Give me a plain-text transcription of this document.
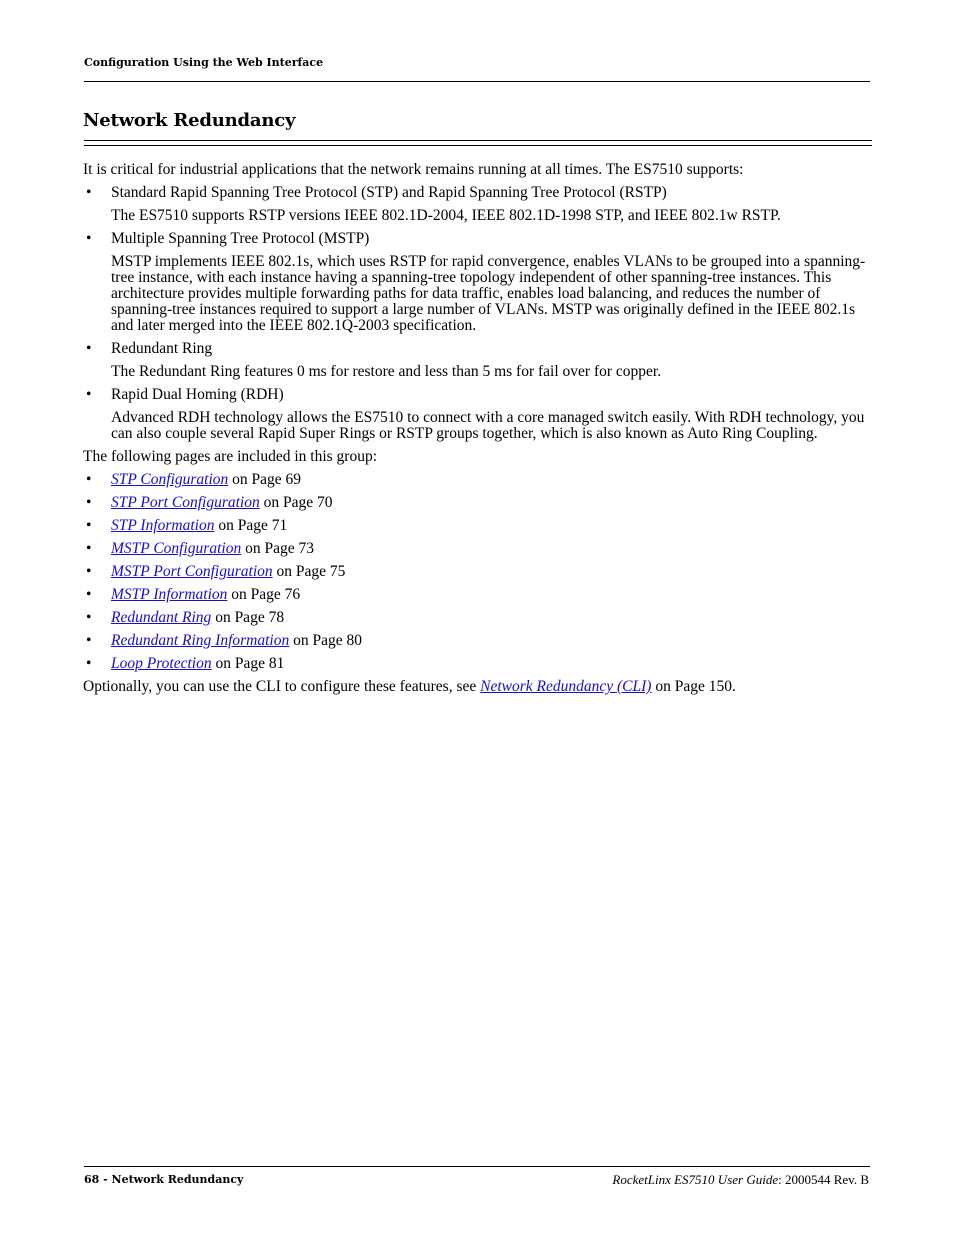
Configuration Using the Web Interface
Network Redundancy

It is critical for industrial applications that the network remains running at all times. The ES7510 supports:

• Standard Rapid Spanning Tree Protocol (STP) and Rapid Spanning Tree Protocol (RSTP)

The ES7510 supports RSTP versions IEEE 802.1D-2004, IEEE 802.1D-1998 STP, and IEEE 802.1w RSTP.

• Multiple Spanning Tree Protocol (MSTP)

MSTP implements IEEE 802.1s, which uses RSTP for rapid convergence, enables VLANs to be grouped into a spanning-tree instance, with each instance having a spanning-tree topology independent of other spanning-tree instances. This architecture provides multiple forwarding paths for data traffic, enables load balancing, and reduces the number of spanning-tree instances required to support a large number of VLANs. MSTP was originally defined in the IEEE 802.1s and later merged into the IEEE 802.1Q-2003 specification.

• Redundant Ring

The Redundant Ring features 0 ms for restore and less than 5 ms for fail over for copper.

• Rapid Dual Homing (RDH)

Advanced RDH technology allows the ES7510 to connect with a core managed switch easily. With RDH technology, you can also couple several Rapid Super Rings or RSTP groups together, which is also known as Auto Ring Coupling.

The following pages are included in this group:

• STP Configuration on Page 69
• STP Port Configuration on Page 70
• STP Information on Page 71
• MSTP Configuration on Page 73
• MSTP Port Configuration on Page 75
• MSTP Information on Page 76
• Redundant Ring on Page 78
• Redundant Ring Information on Page 80
• Loop Protection on Page 81

Optionally, you can use the CLI to configure these features, see Network Redundancy (CLI) on Page 150.

68 - Network Redundancy	RocketLinx ES7510 User Guide: 2000544 Rev. B
